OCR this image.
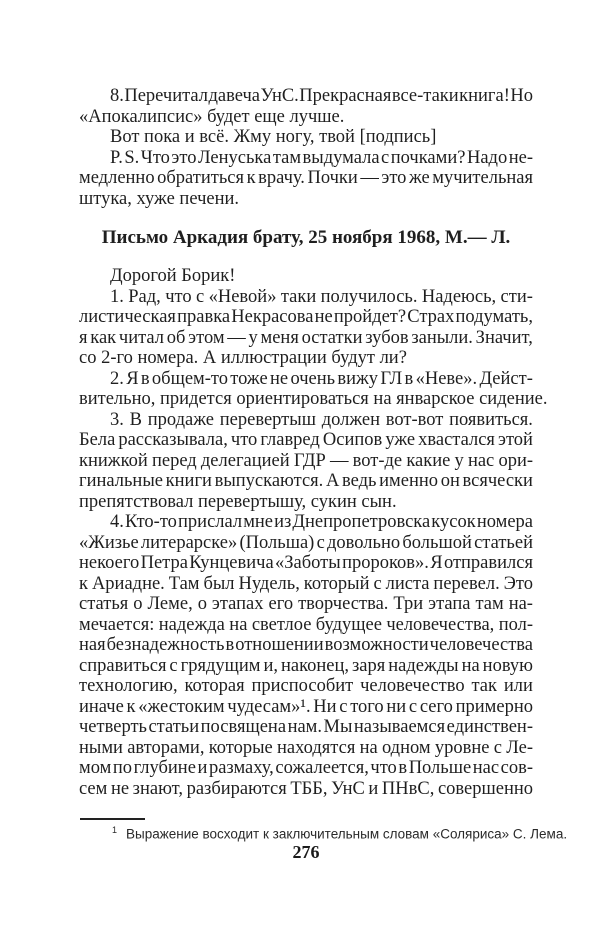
8. Перечитал давеча УнС. Прекрасная все-таки книга! Но
«Апокалипсис» будет еще лучше.
Вот пока и всё. Жму ногу, твой [подпись]
P. S. Что это Ленуська там выдумала с почками? Надо не-
медленно обратиться к врачу. Почки — это же мучительная
штука, хуже печени.
Письмо Аркадия брату, 25 ноября 1968, М.— Л.
Дорогой Борик!
1. Рад, что с «Невой» таки получилось. Надеюсь, сти-
листическая правка Некрасова не пройдет? Страх подумать,
я как читал об этом — у меня остатки зубов заныли. Значит,
со 2-го номера. А иллюстрации будут ли?
2. Я в общем-то тоже не очень вижу ГЛ в «Неве». Дейст-
вительно, придется ориентироваться на январское сидение.
3. В продаже перевертыш должен вот-вот появиться.
Бела рассказывала, что главред Осипов уже хвастался этой
книжкой перед делегацией ГДР — вот-де какие у нас ори-
гинальные книги выпускаются. А ведь именно он всячески
препятствовал перевертышу, сукин сын.
4. Кто-то прислал мне из Днепропетровска кусок номера
«Жизье литерарске» (Польша) с довольно большой статьей
некоего Петра Кунцевича «Заботы пророков». Я отправился
к Ариадне. Там был Нудель, который с листа перевел. Это
статья о Леме, о этапах его творчества. Три этапа там на-
мечается: надежда на светлое будущее человечества, пол-
ная безнадежность в отношении возможности человечества
справиться с грядущим и, наконец, заря надежды на новую
технологию, которая приспособит человечество так или
иначе к «жестоким чудесам»¹. Ни с того ни с сего примерно
четверть статьи посвящена нам. Мы называемся единствен-
ными авторами, которые находятся на одном уровне с Ле-
мом по глубине и размаху, сожалеется, что в Польше нас сов-
сем не знают, разбираются ТББ, УнС и ПНвС, совершенно
$^1$ Выражение восходит к заключительным словам «Соляриса» С. Лема.
276
